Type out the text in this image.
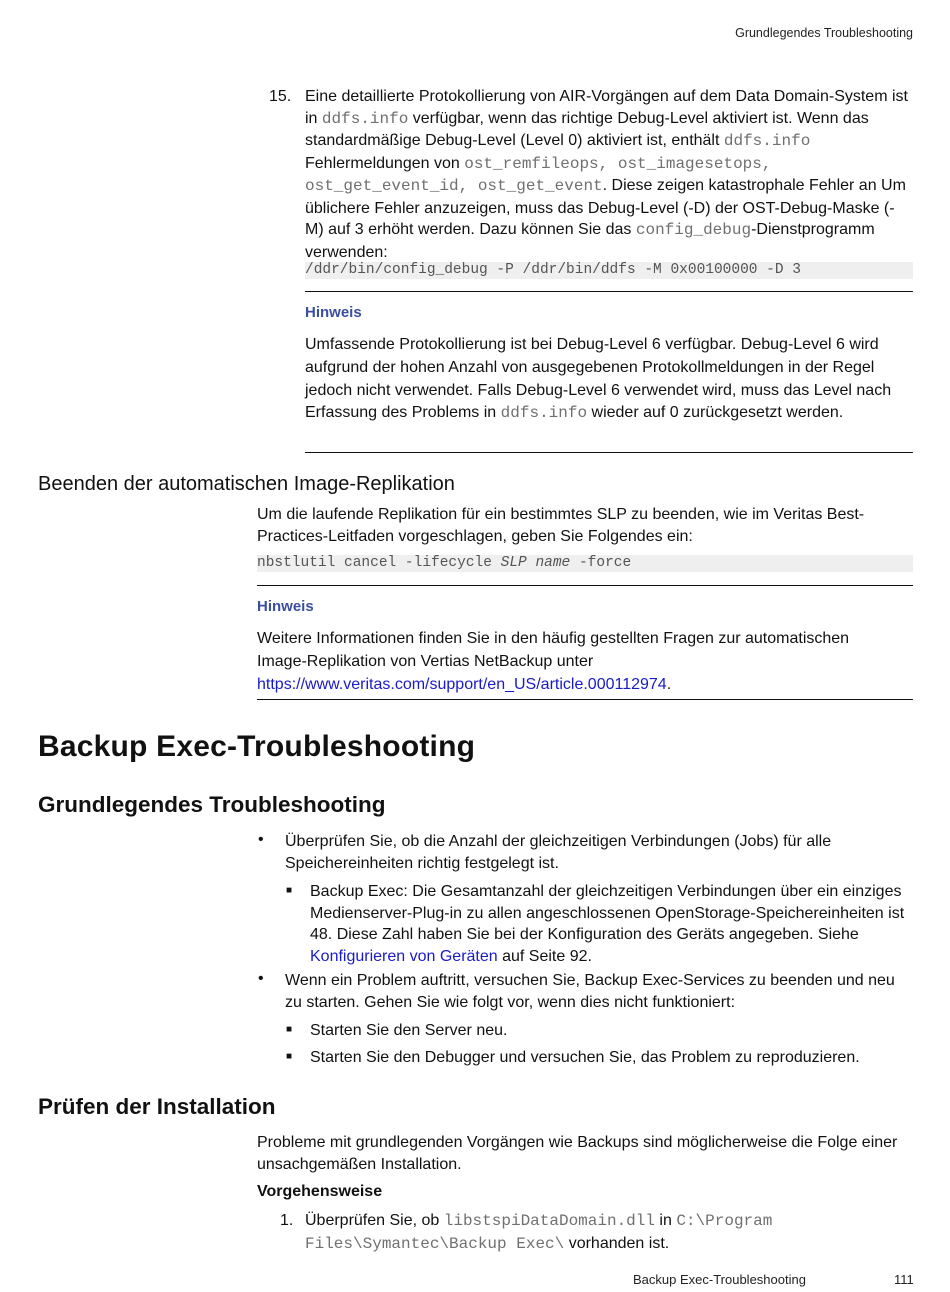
Grundlegendes Troubleshooting
15. Eine detaillierte Protokollierung von AIR-Vorgängen auf dem Data Domain-System ist in ddfs.info verfügbar, wenn das richtige Debug-Level aktiviert ist. Wenn das standardmäßige Debug-Level (Level 0) aktiviert ist, enthält ddfs.info Fehlermeldungen von ost_remfileops, ost_imagesetops, ost_get_event_id, ost_get_event. Diese zeigen katastrophale Fehler an Um üblichere Fehler anzuzeigen, muss das Debug-Level (-D) der OST-Debug-Maske (-M) auf 3 erhöht werden. Dazu können Sie das config_debug-Dienstprogramm verwenden:

/ddr/bin/config_debug -P /ddr/bin/ddfs -M 0x00100000 -D 3
Hinweis

Umfassende Protokollierung ist bei Debug-Level 6 verfügbar. Debug-Level 6 wird aufgrund der hohen Anzahl von ausgegebenen Protokollmeldungen in der Regel jedoch nicht verwendet. Falls Debug-Level 6 verwendet wird, muss das Level nach Erfassung des Problems in ddfs.info wieder auf 0 zurückgesetzt werden.

Beenden der automatischen Image-Replikation

Um die laufende Replikation für ein bestimmtes SLP zu beenden, wie im Veritas Best-Practices-Leitfaden vorgeschlagen, geben Sie Folgendes ein:

nbstlutil cancel -lifecycle SLP name -force
Hinweis

Weitere Informationen finden Sie in den häufig gestellten Fragen zur automatischen Image-Replikation von Vertias NetBackup unter https://www.veritas.com/support/en_US/article.000112974.

Backup Exec-Troubleshooting
Grundlegendes Troubleshooting
• Überprüfen Sie, ob die Anzahl der gleichzeitigen Verbindungen (Jobs) für alle Speichereinheiten richtig festgelegt ist.

■ Backup Exec: Die Gesamtanzahl der gleichzeitigen Verbindungen über ein einziges Medienserver-Plug-in zu allen angeschlossenen OpenStorage-Speichereinheiten ist 48. Diese Zahl haben Sie bei der Konfiguration des Geräts angegeben. Siehe Konfigurieren von Geräten auf Seite 92.

• Wenn ein Problem auftritt, versuchen Sie, Backup Exec-Services zu beenden und neu zu starten. Gehen Sie wie folgt vor, wenn dies nicht funktioniert:

■ Starten Sie den Server neu.

■ Starten Sie den Debugger und versuchen Sie, das Problem zu reproduzieren.

Prüfen der Installation

Probleme mit grundlegenden Vorgängen wie Backups sind möglicherweise die Folge einer unsachgemäßen Installation.

Vorgehensweise
1. Überprüfen Sie, ob libstspiDataDomain.dll in C:\Program Files\Symantec\Backup Exec\ vorhanden ist.

Backup Exec-Troubleshooting	111
